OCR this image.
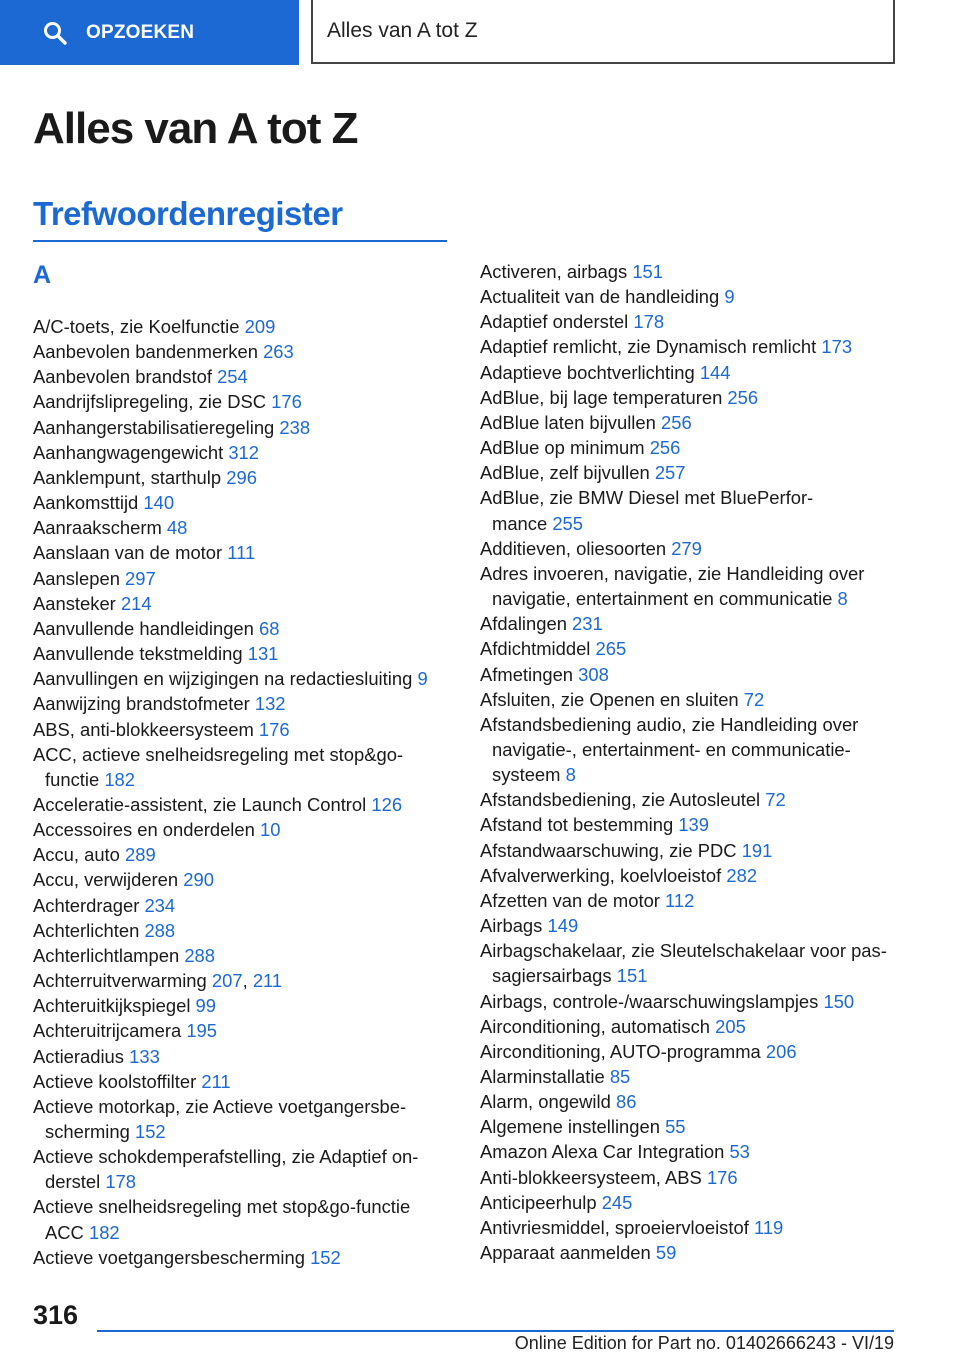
OPZOEKEN	Alles van A tot Z
Alles van A tot Z
Trefwoordenregister
A
A/C-toets, zie Koelfunctie 209
Aanbevolen bandenmerken 263
Aanbevolen brandstof 254
Aandrijfslipregeling, zie DSC 176
Aanhangerstabilisatieregeling 238
Aanhangwagengewicht 312
Aanklempunt, starthulp 296
Aankomsttijd 140
Aanraakscherm 48
Aanslaan van de motor 111
Aanslepen 297
Aansteker 214
Aanvullende handleidingen 68
Aanvullende tekstmelding 131
Aanvullingen en wijzigingen na redactiesluiting 9
Aanwijzing brandstofmeter 132
ABS, anti-blokkeersysteem 176
ACC, actieve snelheidsregeling met stop&go-
functie 182
Acceleratie-assistent, zie Launch Control 126
Accessoires en onderdelen 10
Accu, auto 289
Accu, verwijderen 290
Achterdrager 234
Achterlichten 288
Achterlichtlampen 288
Achterruitverwarming 207, 211
Achteruitkijkspiegel 99
Achteruitrijcamera 195
Actieradius 133
Actieve koolstoffilter 211
Actieve motorkap, zie Actieve voetgangersbe-
scherming 152
Actieve schokdemperafstelling, zie Adaptief on-
derstel 178
Actieve snelheidsregeling met stop&go-functie
ACC 182
Actieve voetgangersbescherming 152
Activeren, airbags 151
Actualiteit van de handleiding 9
Adaptief onderstel 178
Adaptief remlicht, zie Dynamisch remlicht 173
Adaptieve bochtverlichting 144
AdBlue, bij lage temperaturen 256
AdBlue laten bijvullen 256
AdBlue op minimum 256
AdBlue, zelf bijvullen 257
AdBlue, zie BMW Diesel met BluePerfor-
mance 255
Additieven, oliesoorten 279
Adres invoeren, navigatie, zie Handleiding over
navigatie, entertainment en communicatie 8
Afdalingen 231
Afdichtmiddel 265
Afmetingen 308
Afsluiten, zie Openen en sluiten 72
Afstandsbediening audio, zie Handleiding over
navigatie-, entertainment- en communicatie-
systeem 8
Afstandsbediening, zie Autosleutel 72
Afstand tot bestemming 139
Afstandwaarschuwing, zie PDC 191
Afvalverwerking, koelvloeistof 282
Afzetten van de motor 112
Airbags 149
Airbagschakelaar, zie Sleutelschakelaar voor pas-
sagiersairbags 151
Airbags, controle-/waarschuwingslampjes 150
Airconditioning, automatisch 205
Airconditioning, AUTO-programma 206
Alarminstallatie 85
Alarm, ongewild 86
Algemene instellingen 55
Amazon Alexa Car Integration 53
Anti-blokkeersysteem, ABS 176
Anticipeerhulp 245
Antivriesmiddel, sproeiervloeistof 119
Apparaat aanmelden 59
316
Online Edition for Part no. 01402666243 - VI/19
